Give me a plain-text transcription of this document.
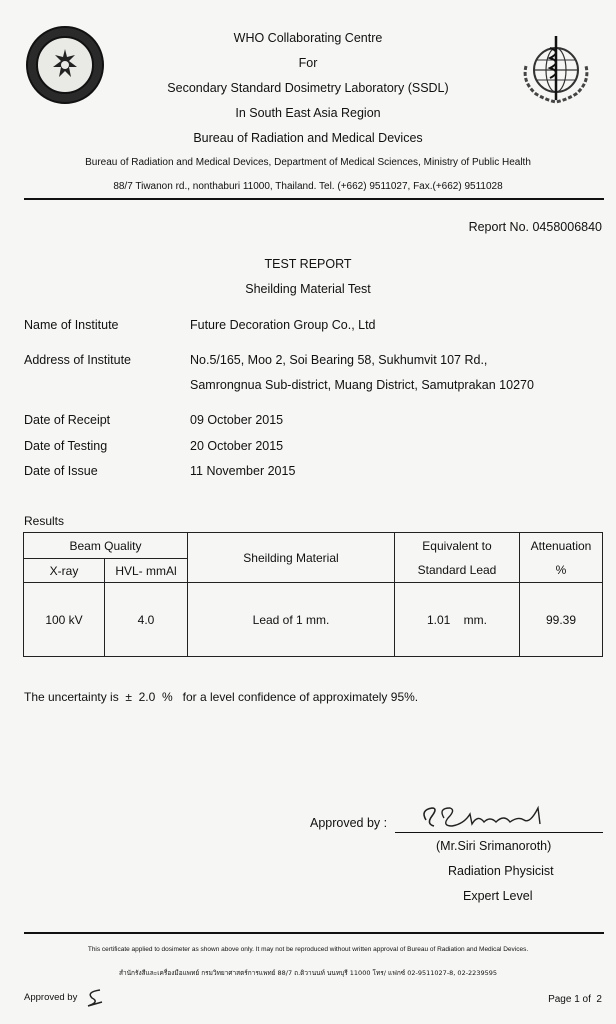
WHO Collaborating Centre
For
Secondary Standard Dosimetry Laboratory (SSDL)
In South East Asia Region
Bureau of Radiation and Medical Devices
Bureau of Radiation and Medical Devices, Department of Medical Sciences, Ministry of Public Health
88/7 Tiwanon rd., nonthaburi 11000, Thailand. Tel. (+662) 9511027, Fax.(+662) 9511028
Report No. 0458006840
TEST REPORT
Sheilding Material Test
Name of Institute	Future Decoration Group Co., Ltd
Address of Institute	No.5/165, Moo 2, Soi Bearing 58, Sukhumvit 107 Rd.,
Samrongnua Sub-district, Muang District, Samutprakan 10270
Date of Receipt	09 October 2015
Date of Testing	20 October 2015
Date of Issue	11 November 2015
Results
Beam Quality		Sheilding Material	Equivalent to	Attenuation
X-ray	HVL- mmAl		Standard Lead	%
100 kV	4.0	Lead of 1 mm.	1.01    mm.	99.39
The uncertainty is  ±  2.0  %   for a level confidence of approximately 95%.
Approved by :
(Mr.Siri Srimanoroth)
Radiation Physicist
Expert Level
This certificate applied to dosimeter as shown above only. It may not be reproduced without written approval of Bureau of Radiation and Medical Devices.
สำนักรังสีและเครื่องมือแพทย์ กรมวิทยาศาสตร์การแพทย์ 88/7 ถ.ติวานนท์ นนทบุรี 11000 โทร/ แฟกซ์ 02-9511027-8, 02-2239595
Approved by	Page 1 of  2
